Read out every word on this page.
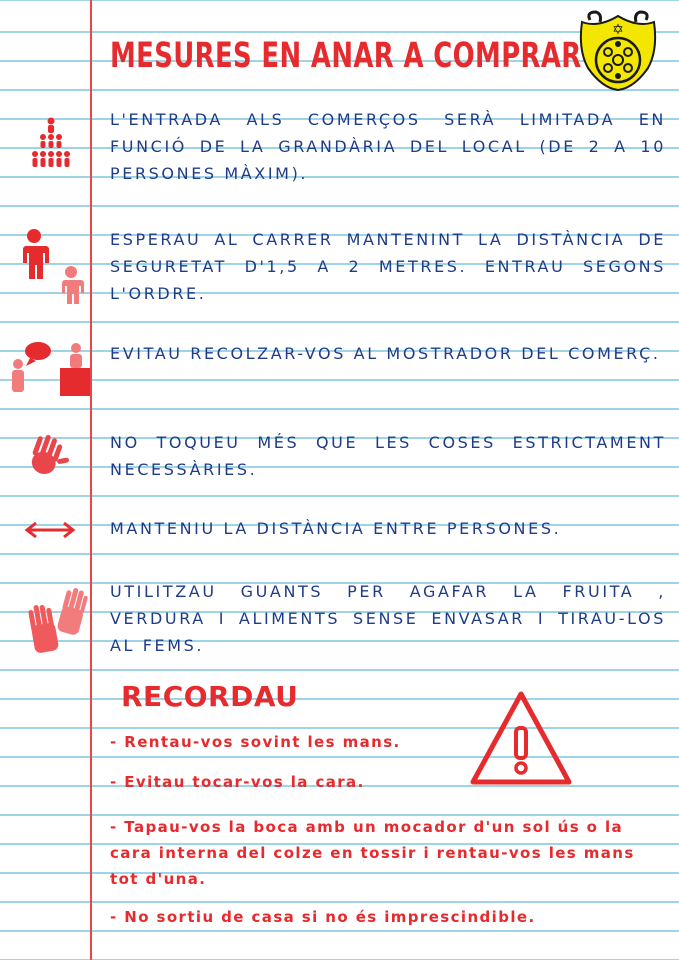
MESURES EN ANAR A COMPRAR
✡
L'ENTRADA ALS COMERÇOS SERÀ LIMITADA EN FUNCIÓ DE LA GRANDÀRIA DEL LOCAL (DE 2 A 10 PERSONES MÀXIM).
ESPERAU AL CARRER MANTENINT LA DISTÀNCIA DE SEGURETAT D'1,5 A 2 METRES. ENTRAU SEGONS L'ORDRE.
EVITAU RECOLZAR-VOS AL MOSTRADOR DEL COMERÇ.
NO TOQUEU MÉS QUE LES COSES ESTRICTAMENT NECESSÀRIES.
MANTENIU LA DISTÀNCIA ENTRE PERSONES.
UTILITZAU GUANTS PER AGAFAR LA FRUITA , VERDURA I ALIMENTS SENSE ENVASAR I TIRAU-LOS AL FEMS.
RECORDAU
- Rentau-vos sovint les mans.
- Evitau tocar-vos la cara.
- Tapau-vos la boca amb un mocador d'un sol ús o la cara interna del colze en tossir i rentau-vos les mans tot d'una.
- No sortiu de casa si no és imprescindible.
